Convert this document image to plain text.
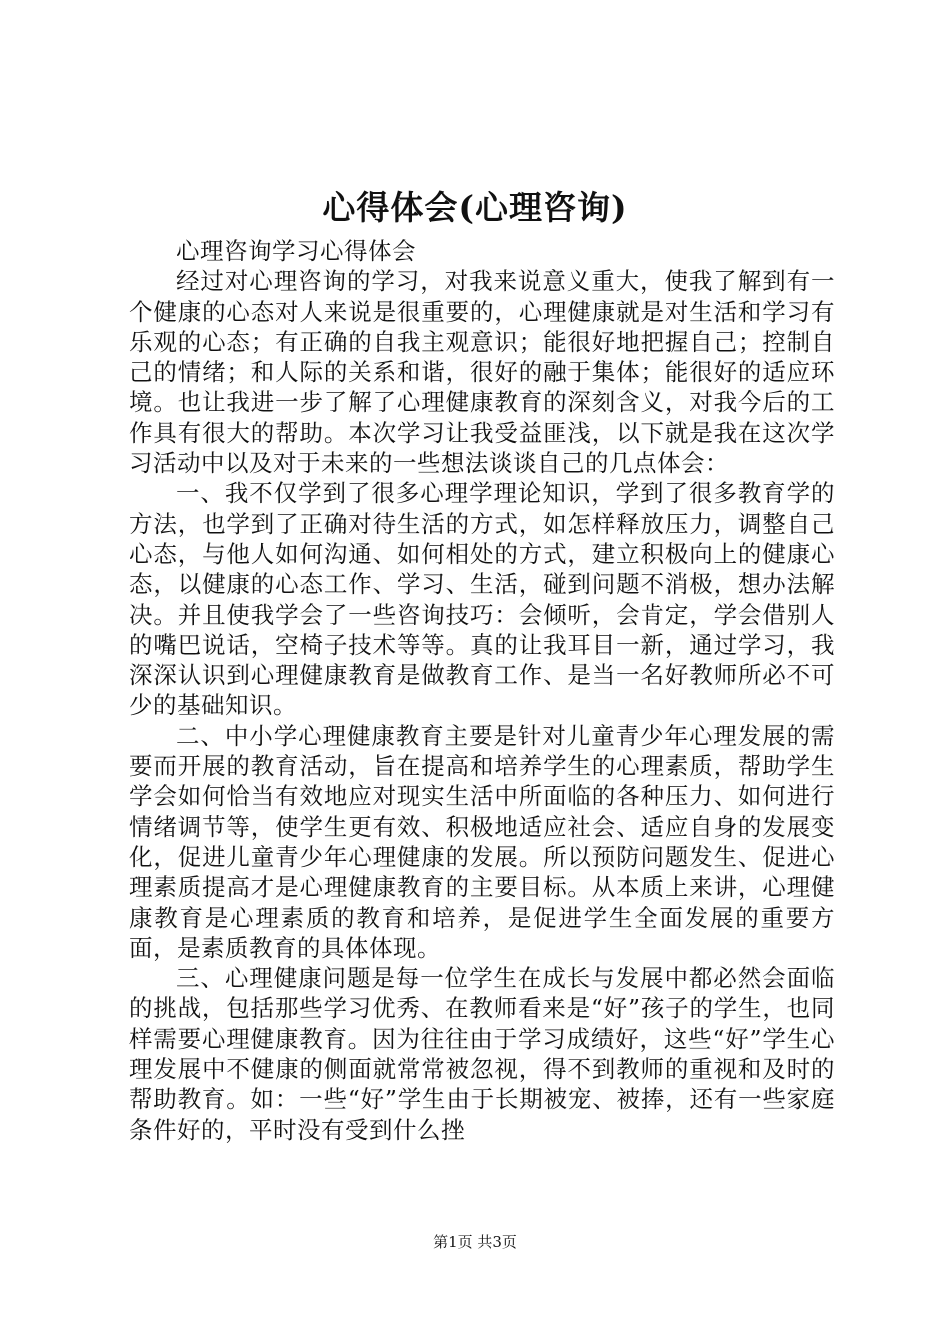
心得体会(心理咨询)

心理咨询学习心得体会

经过对心理咨询的学习，对我来说意义重大，使我了解到有一个健康的心态对人来说是很重要的，心理健康就是对生活和学习有乐观的心态；有正确的自我主观意识；能很好地把握自己；控制自己的情绪；和人际的关系和谐，很好的融于集体；能很好的适应环境。也让我进一步了解了心理健康教育的深刻含义，对我今后的工作具有很大的帮助。本次学习让我受益匪浅，以下就是我在这次学习活动中以及对于未来的一些想法谈谈自己的几点体会：

一、我不仅学到了很多心理学理论知识，学到了很多教育学的方法，也学到了正确对待生活的方式，如怎样释放压力，调整自己心态，与他人如何沟通、如何相处的方式，建立积极向上的健康心态，以健康的心态工作、学习、生活，碰到问题不消极，想办法解决。并且使我学会了一些咨询技巧：会倾听，会肯定，学会借别人的嘴巴说话，空椅子技术等等。真的让我耳目一新，通过学习，我深深认识到心理健康教育是做教育工作、是当一名好教师所必不可少的基础知识。

二、中小学心理健康教育主要是针对儿童青少年心理发展的需要而开展的教育活动，旨在提高和培养学生的心理素质，帮助学生学会如何恰当有效地应对现实生活中所面临的各种压力、如何进行情绪调节等，使学生更有效、积极地适应社会、适应自身的发展变化，促进儿童青少年心理健康的发展。所以预防问题发生、促进心理素质提高才是心理健康教育的主要目标。从本质上来讲，心理健康教育是心理素质的教育和培养，是促进学生全面发展的重要方面，是素质教育的具体体现。

三、心理健康问题是每一位学生在成长与发展中都必然会面临的挑战，包括那些学习优秀、在教师看来是“好”孩子的学生，也同样需要心理健康教育。因为往往由于学习成绩好，这些“好”学生心理发展中不健康的侧面就常常被忽视，得不到教师的重视和及时的帮助教育。如：一些“好”学生由于长期被宠、被捧，还有一些家庭条件好的，平时没有受到什么挫

第1页 共3页
